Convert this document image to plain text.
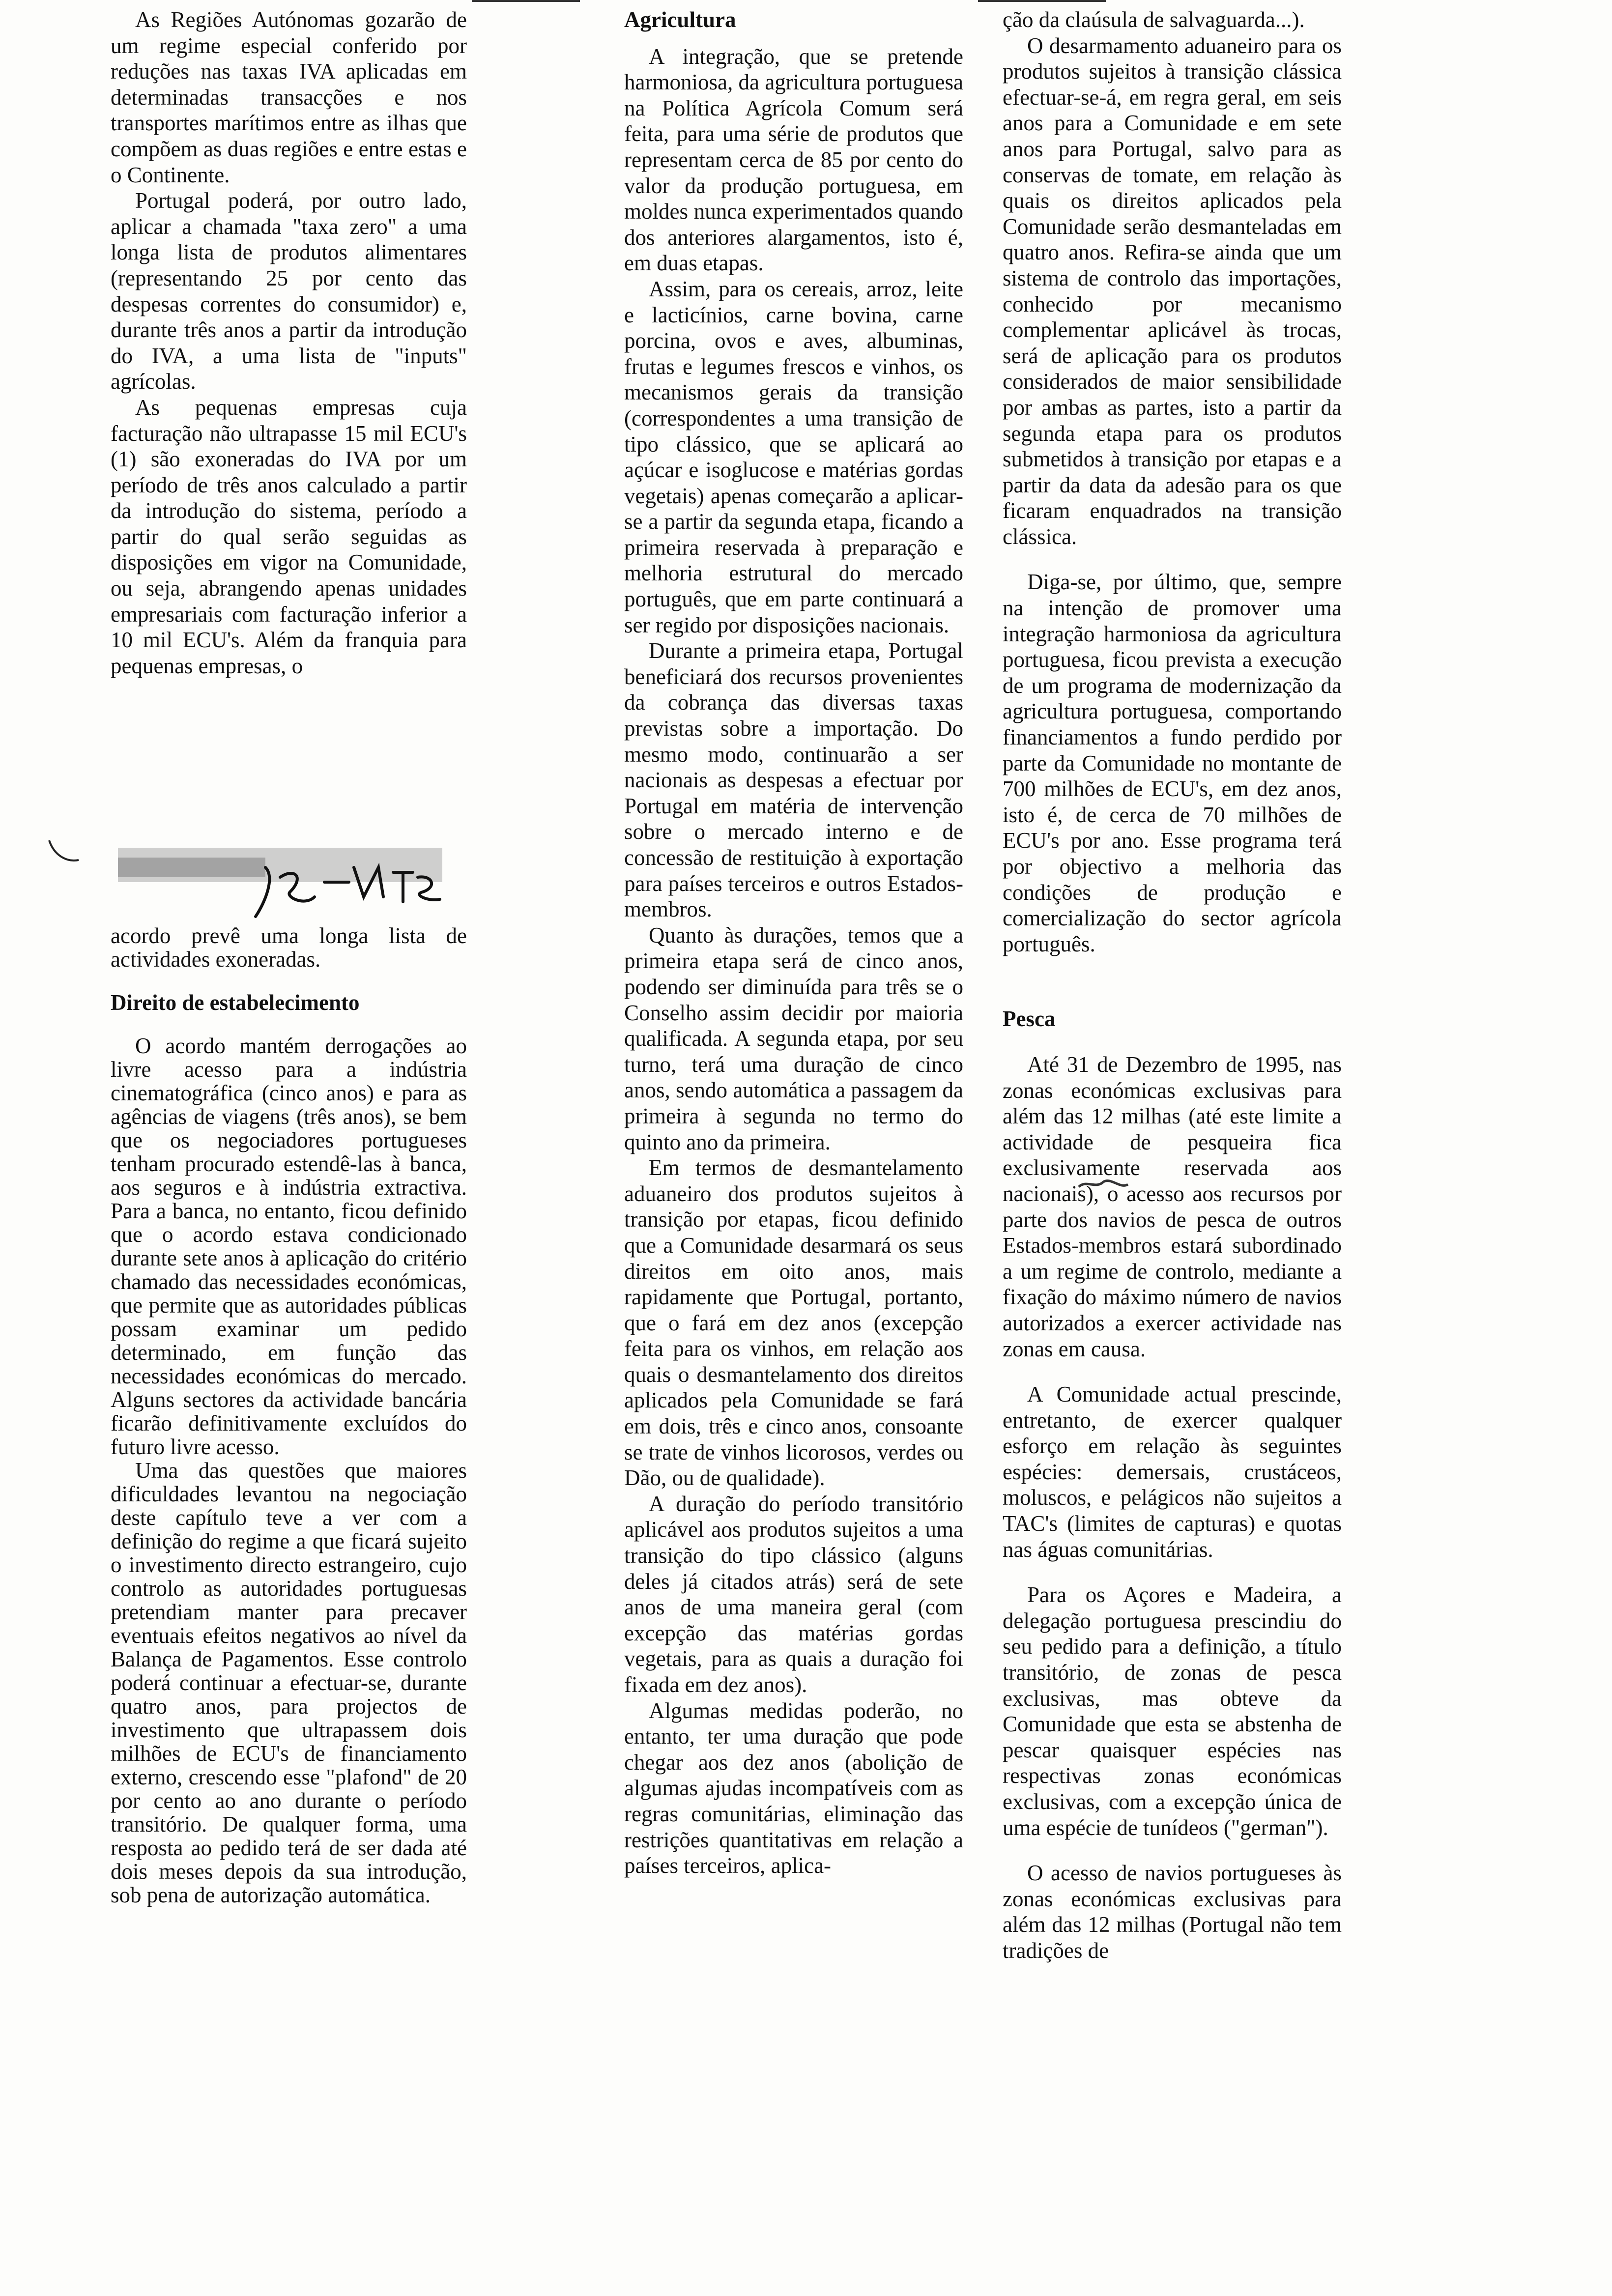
As Regiões Autónomas gozarão de um regime especial conferido por reduções nas taxas IVA aplicadas em determinadas transacções e nos transportes marítimos entre as ilhas que compõem as duas regiões e entre estas e o Continente.

Portugal poderá, por outro lado, aplicar a chamada "taxa zero" a uma longa lista de produtos alimentares (representando 25 por cento das despesas correntes do consumidor) e, durante três anos a partir da introdução do IVA, a uma lista de "inputs" agrícolas.

As pequenas empresas cuja facturação não ultrapasse 15 mil ECU's (1) são exoneradas do IVA por um período de três anos calculado a partir da introdução do sistema, período a partir do qual serão seguidas as disposições em vigor na Comunidade, ou seja, abrangendo apenas unidades empresariais com facturação inferior a 10 mil ECU's. Além da franquia para pequenas empresas, o

acordo prevê uma longa lista de actividades exoneradas.

Direito de estabelecimento

O acordo mantém derrogações ao livre acesso para a indústria cinematográfica (cinco anos) e para as agências de viagens (três anos), se bem que os negociadores portugueses tenham procurado estendê-las à banca, aos seguros e à indústria extractiva. Para a banca, no entanto, ficou definido que o acordo estava condicionado durante sete anos à aplicação do critério chamado das necessidades económicas, que permite que as autoridades públicas possam examinar um pedido determinado, em função das necessidades económicas do mercado. Alguns sectores da actividade bancária ficarão definitivamente excluídos do futuro livre acesso.

Uma das questões que maiores dificuldades levantou na negociação deste capítulo teve a ver com a definição do regime a que ficará sujeito o investimento directo estrangeiro, cujo controlo as autoridades portuguesas pretendiam manter para precaver eventuais efeitos negativos ao nível da Balança de Pagamentos. Esse controlo poderá continuar a efectuar-se, durante quatro anos, para projectos de investimento que ultrapassem dois milhões de ECU's de financiamento externo, crescendo esse "plafond" de 20 por cento ao ano durante o período transitório. De qualquer forma, uma resposta ao pedido terá de ser dada até dois meses depois da sua introdução, sob pena de autorização automática.

Agricultura

A integração, que se pretende harmoniosa, da agricultura portuguesa na Política Agrícola Comum será feita, para uma série de produtos que representam cerca de 85 por cento do valor da produção portuguesa, em moldes nunca experimentados quando dos anteriores alargamentos, isto é, em duas etapas.

Assim, para os cereais, arroz, leite e lacticínios, carne bovina, carne porcina, ovos e aves, albuminas, frutas e legumes frescos e vinhos, os mecanismos gerais da transição (correspondentes a uma transição de tipo clássico, que se aplicará ao açúcar e isoglucose e matérias gordas vegetais) apenas começarão a aplicar-se a partir da segunda etapa, ficando a primeira reservada à preparação e melhoria estrutural do mercado português, que em parte continuará a ser regido por disposições nacionais.

Durante a primeira etapa, Portugal beneficiará dos recursos provenientes da cobrança das diversas taxas previstas sobre a importação. Do mesmo modo, continuarão a ser nacionais as despesas a efectuar por Portugal em matéria de intervenção sobre o mercado interno e de concessão de restituição à exportação para países terceiros e outros Estados-membros.

Quanto às durações, temos que a primeira etapa será de cinco anos, podendo ser diminuída para três se o Conselho assim decidir por maioria qualificada. A segunda etapa, por seu turno, terá uma duração de cinco anos, sendo automática a passagem da primeira à segunda no termo do quinto ano da primeira.

Em termos de desmantelamento aduaneiro dos produtos sujeitos à transição por etapas, ficou definido que a Comunidade desarmará os seus direitos em oito anos, mais rapidamente que Portugal, portanto, que o fará em dez anos (excepção feita para os vinhos, em relação aos quais o desmantelamento dos direitos aplicados pela Comunidade se fará em dois, três e cinco anos, consoante se trate de vinhos licorosos, verdes ou Dão, ou de qualidade).

A duração do período transitório aplicável aos produtos sujeitos a uma transição do tipo clássico (alguns deles já citados atrás) será de sete anos de uma maneira geral (com excepção das matérias gordas vegetais, para as quais a duração foi fixada em dez anos).

Algumas medidas poderão, no entanto, ter uma duração que pode chegar aos dez anos (abolição de algumas ajudas incompatíveis com as regras comunitárias, eliminação das restrições quantitativas em relação a países terceiros, aplica-

ção da claúsula de salvaguarda...).

O desarmamento aduaneiro para os produtos sujeitos à transição clássica efectuar-se-á, em regra geral, em seis anos para a Comunidade e em sete anos para Portugal, salvo para as conservas de tomate, em relação às quais os direitos aplicados pela Comunidade serão desmanteladas em quatro anos. Refira-se ainda que um sistema de controlo das importações, conhecido por mecanismo complementar aplicável às trocas, será de aplicação para os produtos considerados de maior sensibilidade por ambas as partes, isto a partir da segunda etapa para os produtos submetidos à transição por etapas e a partir da data da adesão para os que ficaram enquadrados na transição clássica.

Diga-se, por último, que, sempre na intenção de promover uma integração harmoniosa da agricultura portuguesa, ficou prevista a execução de um programa de modernização da agricultura portuguesa, comportando financiamentos a fundo perdido por parte da Comunidade no montante de 700 milhões de ECU's, em dez anos, isto é, de cerca de 70 milhões de ECU's por ano. Esse programa terá por objectivo a melhoria das condições de produção e comercialização do sector agrícola português.

Pesca

Até 31 de Dezembro de 1995, nas zonas económicas exclusivas para além das 12 milhas (até este limite a actividade de pesqueira fica exclusivamente reservada aos nacionais), o acesso aos recursos por parte dos navios de pesca de outros Estados-membros estará subordinado a um regime de controlo, mediante a fixação do máximo número de navios autorizados a exercer actividade nas zonas em causa.

A Comunidade actual prescinde, entretanto, de exercer qualquer esforço em relação às seguintes espécies: demersais, crustáceos, moluscos, e pelágicos não sujeitos a TAC's (limites de capturas) e quotas nas águas comunitárias.

Para os Açores e Madeira, a delegação portuguesa prescindiu do seu pedido para a definição, a título transitório, de zonas de pesca exclusivas, mas obteve da Comunidade que esta se abstenha de pescar quaisquer espécies nas respectivas zonas económicas exclusivas, com a excepção única de uma espécie de tunídeos ("german").

O acesso de navios portugueses às zonas económicas exclusivas para além das 12 milhas (Portugal não tem tradições de
